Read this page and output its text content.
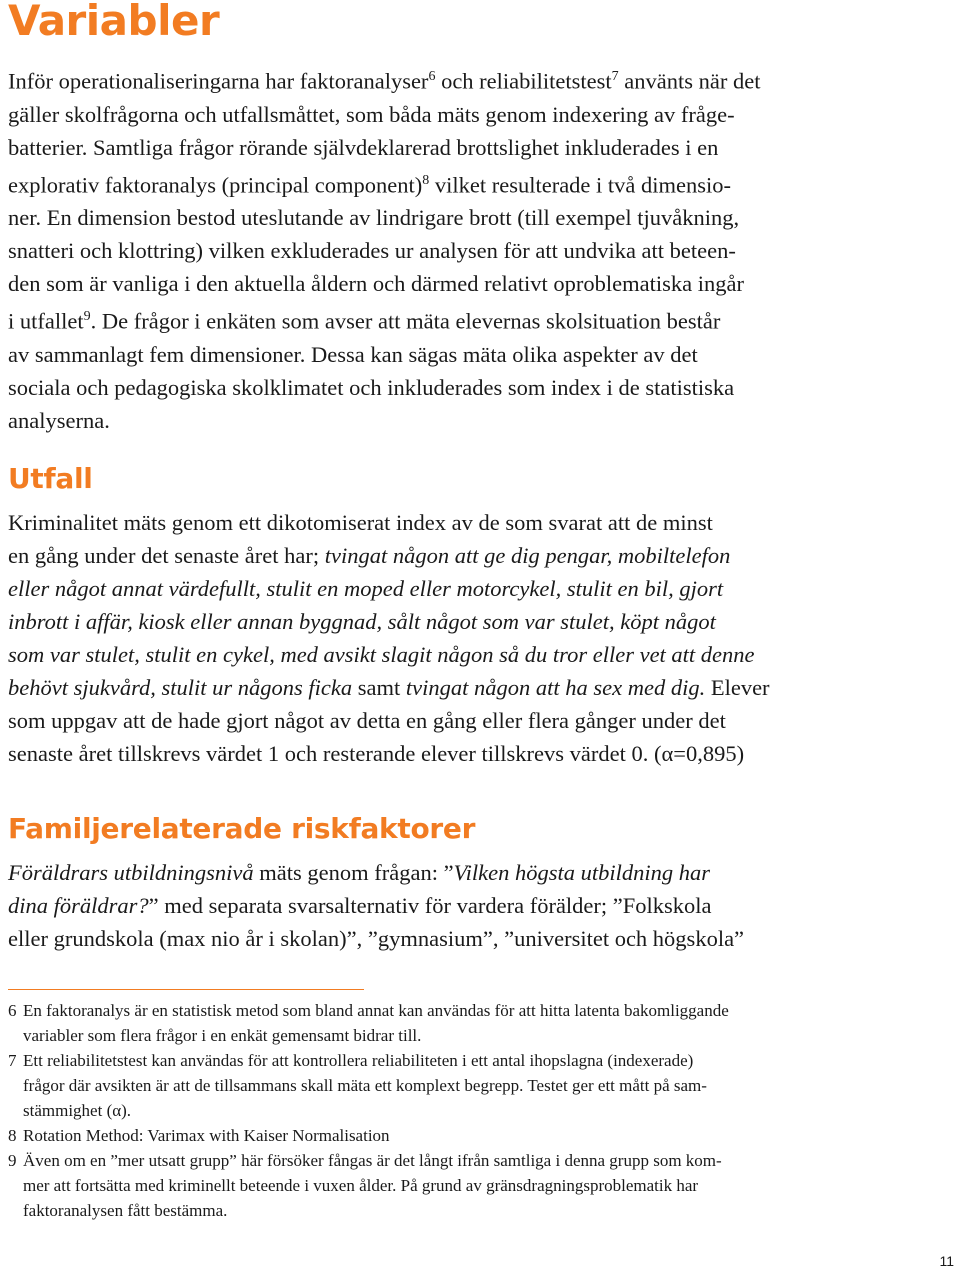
Variabler
Inför operationaliseringarna har faktoranalyser$^6$ och reliabilitetstest$^7$ använts när det
gäller skolfrågorna och utfallsmåttet, som båda mäts genom indexering av fråge-
batterier. Samtliga frågor rörande självdeklarerad brottslighet inkluderades i en
explorativ faktoranalys (principal component)$^8$ vilket resulterade i två dimensio-
ner. En dimension bestod uteslutande av lindrigare brott (till exempel tjuvåkning,
snatteri och klottring) vilken exkluderades ur analysen för att undvika att beteen-
den som är vanliga i den aktuella åldern och därmed relativt oproblematiska ingår
i utfallet$^9$. De frågor i enkäten som avser att mäta elevernas skolsituation består
av sammanlagt fem dimensioner. Dessa kan sägas mäta olika aspekter av det
sociala och pedagogiska skolklimatet och inkluderades som index i de statistiska
analyserna.
Utfall
Kriminalitet mäts genom ett dikotomiserat index av de som svarat att de minst
en gång under det senaste året har; tvingat någon att ge dig pengar, mobiltelefon
eller något annat värdefullt, stulit en moped eller motorcykel, stulit en bil, gjort
inbrott i affär, kiosk eller annan byggnad, sålt något som var stulet, köpt något
som var stulet, stulit en cykel, med avsikt slagit någon så du tror eller vet att denne
behövt sjukvård, stulit ur någons ficka samt tvingat någon att ha sex med dig. Elever
som uppgav att de hade gjort något av detta en gång eller flera gånger under det
senaste året tillskrevs värdet 1 och resterande elever tillskrevs värdet 0. (α=0,895)
Familjerelaterade riskfaktorer
Föräldrars utbildningsnivå mäts genom frågan: ”Vilken högsta utbildning har
dina föräldrar?” med separata svarsalternativ för vardera förälder; ”Folkskola
eller grundskola (max nio år i skolan)”, ”gymnasium”, ”universitet och högskola”
6 En faktoranalys är en statistisk metod som bland annat kan användas för att hitta latenta bakomliggande
variabler som flera frågor i en enkät gemensamt bidrar till.
7 Ett reliabilitetstest kan användas för att kontrollera reliabiliteten i ett antal ihopslagna (indexerade)
frågor där avsikten är att de tillsammans skall mäta ett komplext begrepp. Testet ger ett mått på sam-
stämmighet (α).
8 Rotation Method: Varimax with Kaiser Normalisation
9 Även om en ”mer utsatt grupp” här försöker fångas är det långt ifrån samtliga i denna grupp som kom-
mer att fortsätta med kriminellt beteende i vuxen ålder. På grund av gränsdragningsproblematik har
faktoranalysen fått bestämma.
11
